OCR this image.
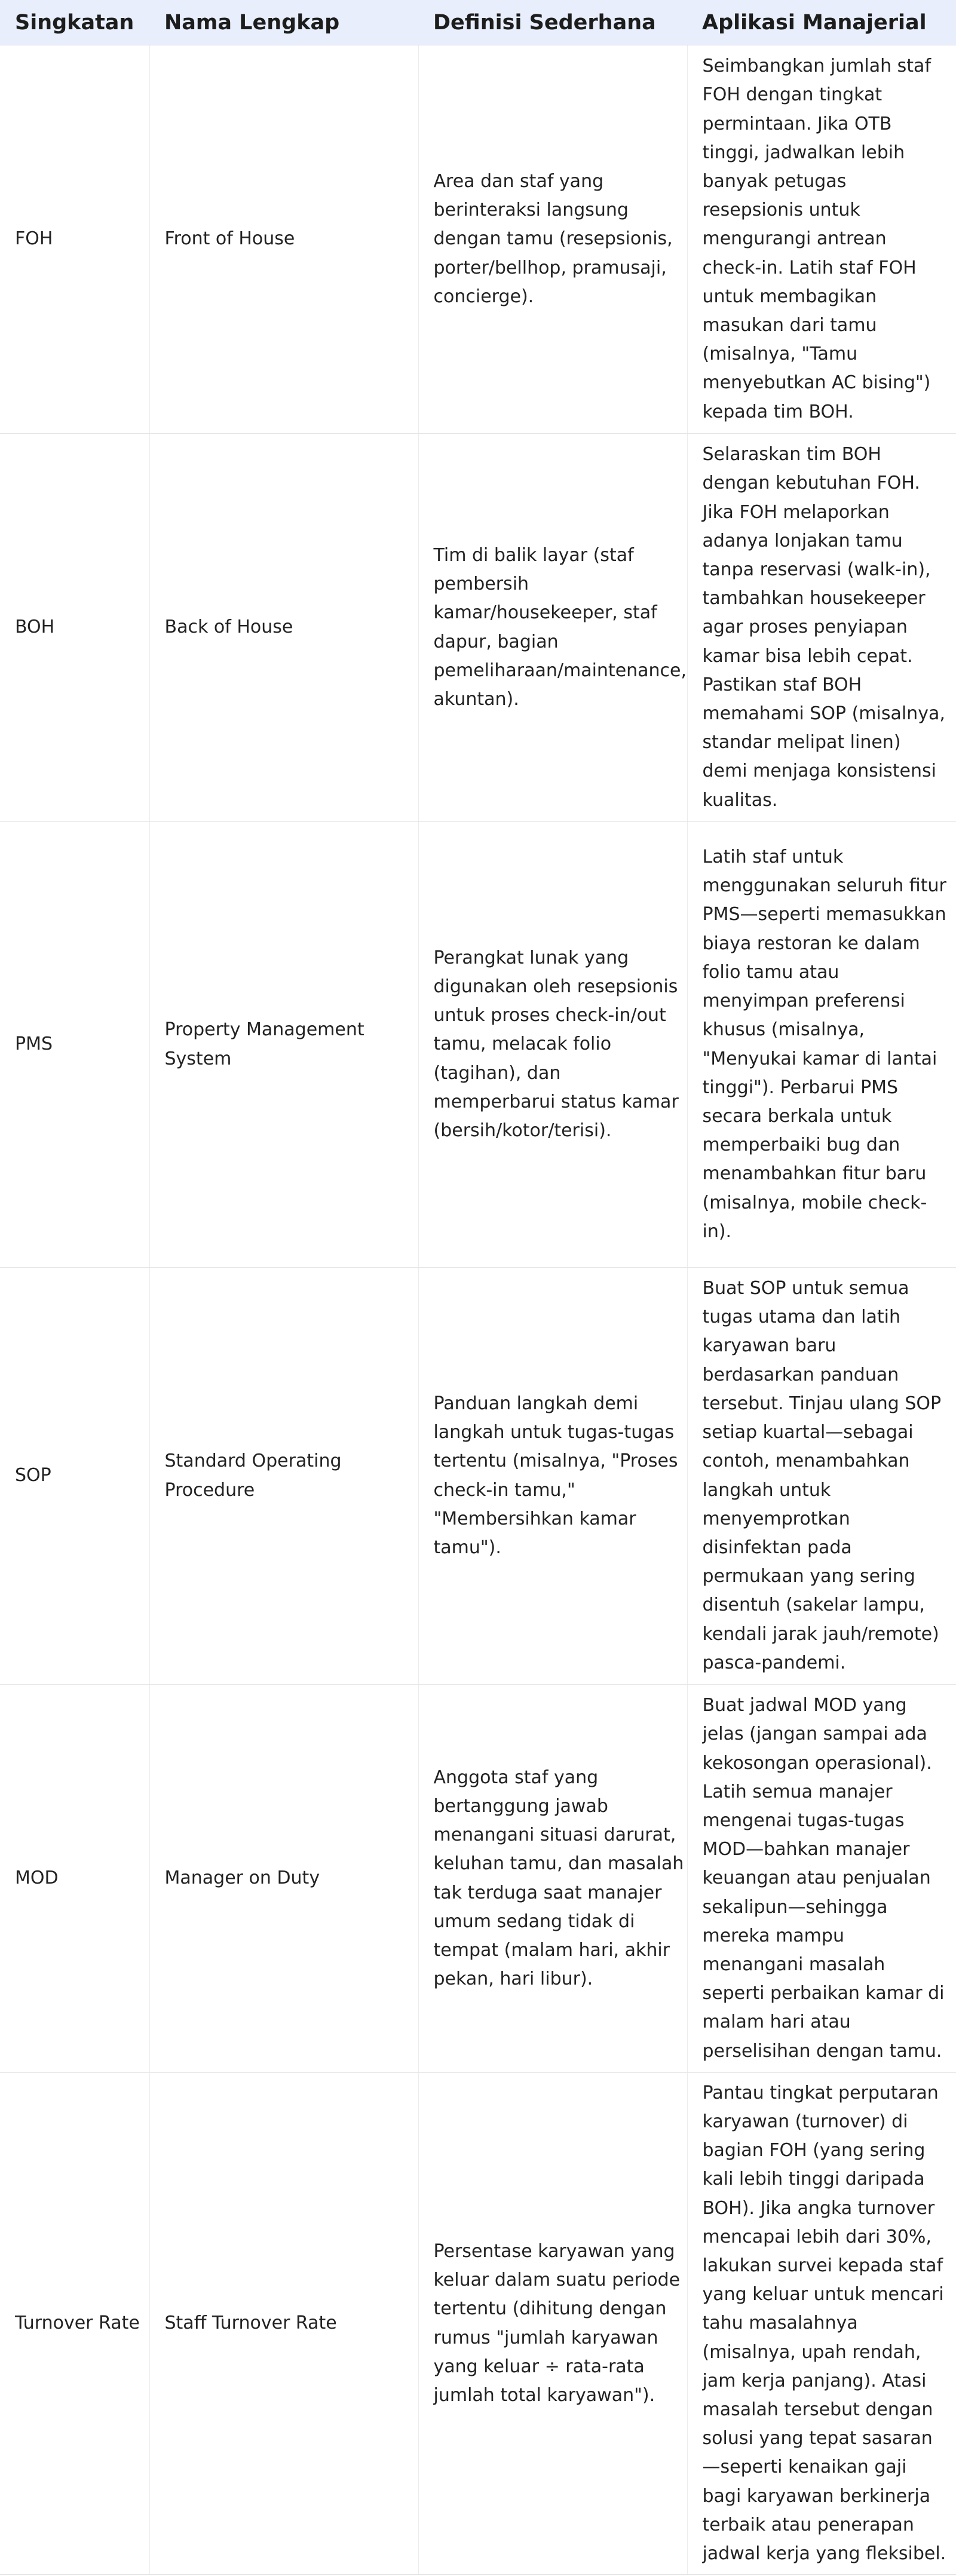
Singkatan	Nama Lengkap	Definisi Sederhana	Aplikasi Manajerial
FOH	Front of House	Area dan staf yang berinteraksi langsung dengan tamu (resepsionis, porter/bellhop, pramusaji, concierge).	Seimbangkan jumlah staf FOH dengan tingkat permintaan. Jika OTB tinggi, jadwalkan lebih banyak petugas resepsionis untuk mengurangi antrean check-in. Latih staf FOH untuk membagikan masukan dari tamu (misalnya, "Tamu menyebutkan AC bising") kepada tim BOH.
BOH	Back of House	Tim di balik layar (staf pembersih kamar/housekeeper, staf dapur, bagian pemeliharaan/maintenance, akuntan).	Selaraskan tim BOH dengan kebutuhan FOH. Jika FOH melaporkan adanya lonjakan tamu tanpa reservasi (walk-in), tambahkan housekeeper agar proses penyiapan kamar bisa lebih cepat. Pastikan staf BOH memahami SOP (misalnya, standar melipat linen) demi menjaga konsistensi kualitas.
PMS	Property Management System	Perangkat lunak yang digunakan oleh resepsionis untuk proses check-in/out tamu, melacak folio (tagihan), dan memperbarui status kamar (bersih/kotor/terisi).	Latih staf untuk menggunakan seluruh fitur PMS—seperti memasukkan biaya restoran ke dalam folio tamu atau menyimpan preferensi khusus (misalnya, "Menyukai kamar di lantai tinggi"). Perbarui PMS secara berkala untuk memperbaiki bug dan menambahkan fitur baru (misalnya, mobile check-in).
SOP	Standard Operating Procedure	Panduan langkah demi langkah untuk tugas-tugas tertentu (misalnya, "Proses check-in tamu," "Membersihkan kamar tamu").	Buat SOP untuk semua tugas utama dan latih karyawan baru berdasarkan panduan tersebut. Tinjau ulang SOP setiap kuartal—sebagai contoh, menambahkan langkah untuk menyemprotkan disinfektan pada permukaan yang sering disentuh (sakelar lampu, kendali jarak jauh/remote) pasca-pandemi.
MOD	Manager on Duty	Anggota staf yang bertanggung jawab menangani situasi darurat, keluhan tamu, dan masalah tak terduga saat manajer umum sedang tidak di tempat (malam hari, akhir pekan, hari libur).	Buat jadwal MOD yang jelas (jangan sampai ada kekosongan operasional). Latih semua manajer mengenai tugas-tugas MOD—bahkan manajer keuangan atau penjualan sekalipun—sehingga mereka mampu menangani masalah seperti perbaikan kamar di malam hari atau perselisihan dengan tamu.
Turnover Rate	Staff Turnover Rate	Persentase karyawan yang keluar dalam suatu periode tertentu (dihitung dengan rumus "jumlah karyawan yang keluar ÷ rata-rata jumlah total karyawan").	Pantau tingkat perputaran karyawan (turnover) di bagian FOH (yang sering kali lebih tinggi daripada BOH). Jika angka turnover mencapai lebih dari 30%, lakukan survei kepada staf yang keluar untuk mencari tahu masalahnya (misalnya, upah rendah, jam kerja panjang). Atasi masalah tersebut dengan solusi yang tepat sasaran—seperti kenaikan gaji bagi karyawan berkinerja terbaik atau penerapan jadwal kerja yang fleksibel.
